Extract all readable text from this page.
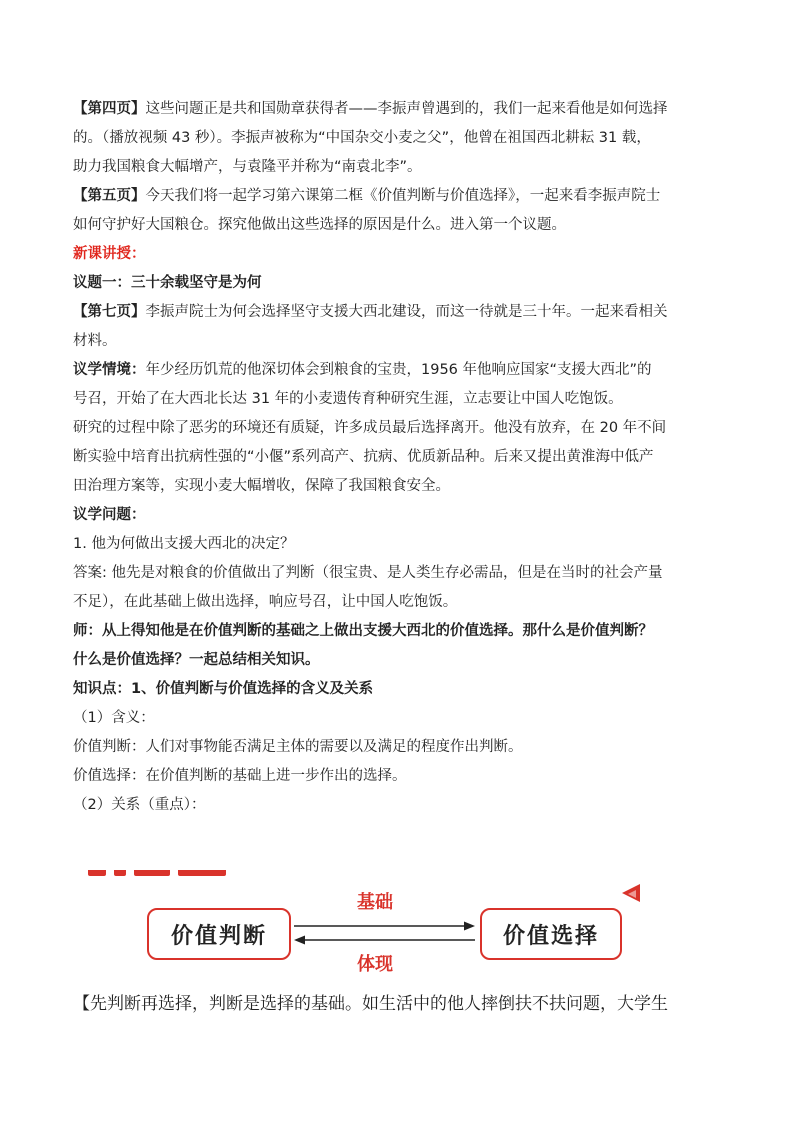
【第四页】这些问题正是共和国勋章获得者——李振声曾遇到的，我们一起来看他是如何选择

的。（播放视频 43 秒）。李振声被称为“中国杂交小麦之父”，他曾在祖国西北耕耘 31 载，

助力我国粮食大幅增产，与袁隆平并称为“南袁北李”。

【第五页】今天我们将一起学习第六课第二框《价值判断与价值选择》，一起来看李振声院士

如何守护好大国粮仓。探究他做出这些选择的原因是什么。进入第一个议题。

新课讲授：

议题一：三十余载坚守是为何

【第七页】李振声院士为何会选择坚守支援大西北建设，而这一待就是三十年。一起来看相关

材料。

议学情境：年少经历饥荒的他深切体会到粮食的宝贵，1956 年他响应国家“支援大西北”的

号召，开始了在大西北长达 31 年的小麦遗传育种研究生涯，立志要让中国人吃饱饭。

研究的过程中除了恶劣的环境还有质疑，许多成员最后选择离开。他没有放弃，在 20 年不间

断实验中培育出抗病性强的“小偃”系列高产、抗病、优质新品种。后来又提出黄淮海中低产

田治理方案等，实现小麦大幅增收，保障了我国粮食安全。

议学问题：

1. 他为何做出支援大西北的决定？

答案: 他先是对粮食的价值做出了判断（很宝贵、是人类生存必需品，但是在当时的社会产量

不足），在此基础上做出选择，响应号召，让中国人吃饱饭。

师：从上得知他是在价值判断的基础之上做出支援大西北的价值选择。那什么是价值判断？

什么是价值选择？一起总结相关知识。

知识点：1、价值判断与价值选择的含义及关系

（1）含义：

价值判断：人们对事物能否满足主体的需要以及满足的程度作出判断。

价值选择：在价值判断的基础上进一步作出的选择。

（2）关系（重点）：

基础
价值判断	价值选择
体现
【先判断再选择，判断是选择的基础。如生活中的他人摔倒扶不扶问题，大学生
